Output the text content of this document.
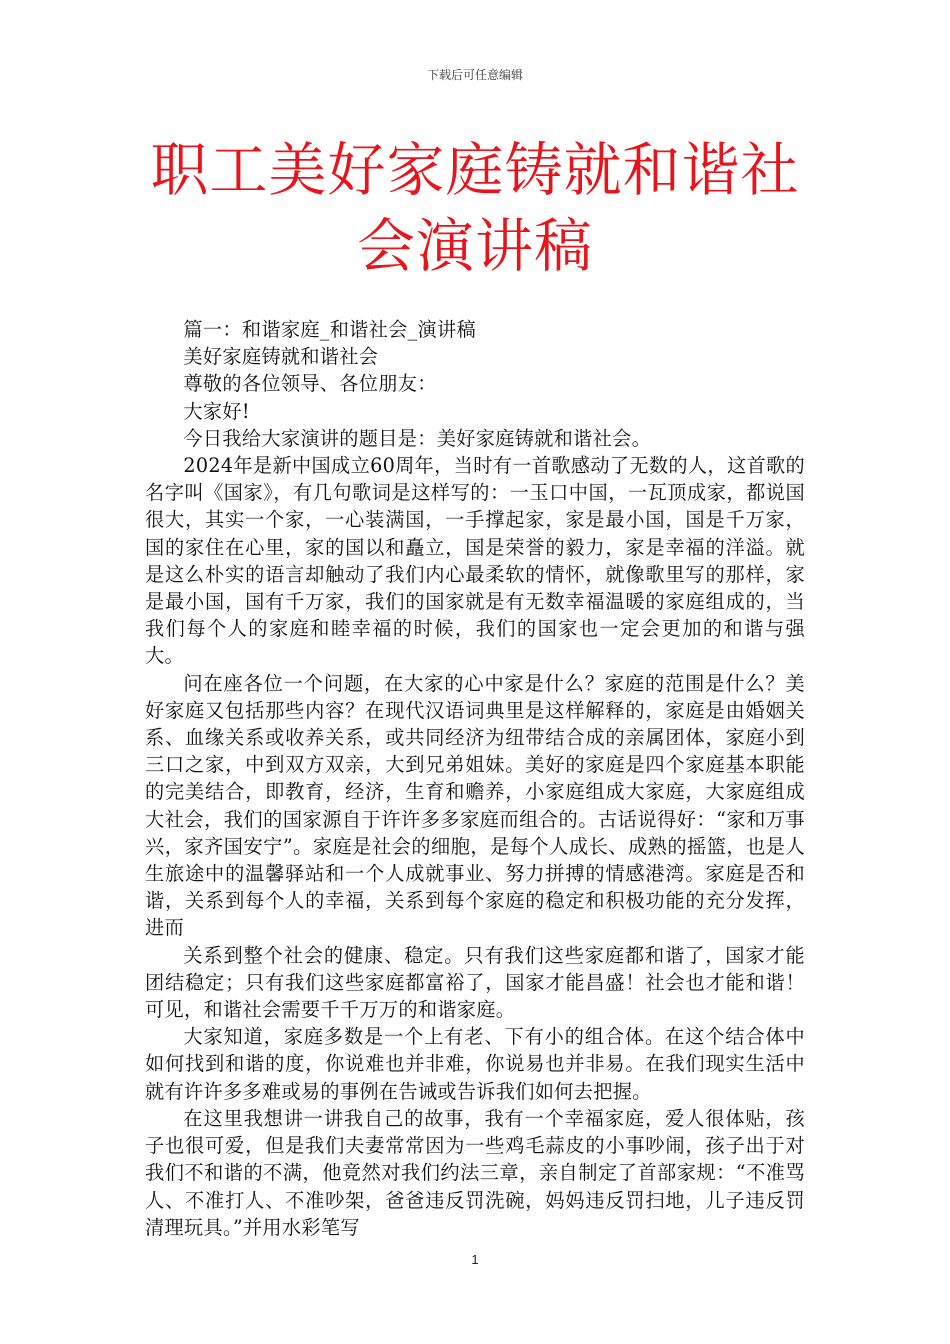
下载后可任意编辑
职工美好家庭铸就和谐社会演讲稿

篇一：和谐家庭_和谐社会_演讲稿

美好家庭铸就和谐社会

尊敬的各位领导、各位朋友：

大家好!

今日我给大家演讲的题目是：美好家庭铸就和谐社会。

2024年是新中国成立60周年，当时有一首歌感动了无数的人，这首歌的名字叫《国家》，有几句歌词是这样写的：一玉口中国，一瓦顶成家，都说国很大，其实一个家，一心装满国，一手撑起家，家是最小国，国是千万家，国的家住在心里，家的国以和矗立，国是荣誉的毅力，家是幸福的洋溢。就是这么朴实的语言却触动了我们内心最柔软的情怀，就像歌里写的那样，家是最小国，国有千万家，我们的国家就是有无数幸福温暖的家庭组成的，当我们每个人的家庭和睦幸福的时候，我们的国家也一定会更加的和谐与强大。

问在座各位一个问题，在大家的心中家是什么？家庭的范围是什么？美好家庭又包括那些内容？在现代汉语词典里是这样解释的，家庭是由婚姻关系、血缘关系或收养关系，或共同经济为纽带结合成的亲属团体，家庭小到三口之家，中到双方双亲，大到兄弟姐妹。美好的家庭是四个家庭基本职能的完美结合，即教育，经济，生育和赡养，小家庭组成大家庭，大家庭组成大社会，我们的国家源自于许许多多家庭而组合的。古话说得好：“家和万事兴，家齐国安宁”。家庭是社会的细胞，是每个人成长、成熟的摇篮，也是人生旅途中的温馨驿站和一个人成就事业、努力拼搏的情感港湾。家庭是否和谐，关系到每个人的幸福，关系到每个家庭的稳定和积极功能的充分发挥，进而

关系到整个社会的健康、稳定。只有我们这些家庭都和谐了，国家才能团结稳定；只有我们这些家庭都富裕了，国家才能昌盛！社会也才能和谐！可见，和谐社会需要千千万万的和谐家庭。

大家知道，家庭多数是一个上有老、下有小的组合体。在这个结合体中如何找到和谐的度，你说难也并非难，你说易也并非易。在我们现实生活中就有许许多多难或易的事例在告诫或告诉我们如何去把握。

在这里我想讲一讲我自己的故事，我有一个幸福家庭，爱人很体贴，孩子也很可爱，但是我们夫妻常常因为一些鸡毛蒜皮的小事吵闹，孩子出于对我们不和谐的不满，他竟然对我们约法三章，亲自制定了首部家规：“不准骂人、不准打人、不准吵架，爸爸违反罚洗碗，妈妈违反罚扫地，儿子违反罚清理玩具。”并用水彩笔写

1
